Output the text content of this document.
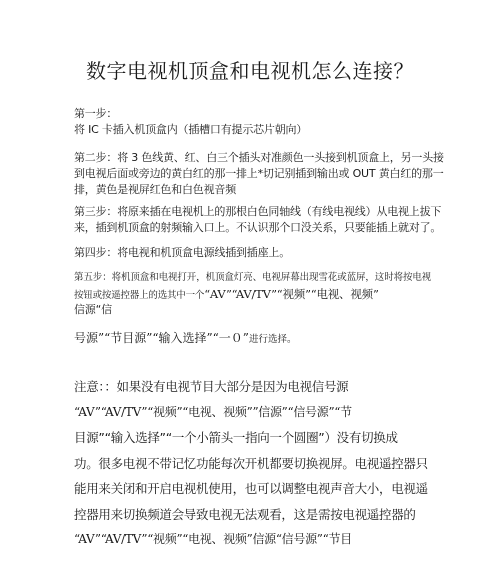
数字电视机顶盒和电视机怎么连接？
第一步：
将 IC 卡插入机顶盒内（插槽口有提示芯片朝向）
第二步：将 3 色线黄、红、白三个插头对准颜色一头接到机顶盒上，另一头接
到电视后面或旁边的黄白红的那一排上*切记别插到输出或 OUT 黄白红的那一
排，黄色是视屏红色和白色视音频
第三步：将原来插在电视机上的那根白色同轴线（有线电视线）从电视上拔下
来，插到机顶盒的射频输入口上。不认识那个口没关系，只要能插上就对了。
第四步：将电视和机顶盒电源线插到插座上。
第五步：将机顶盒和电视打开，机顶盒灯亮、电视屏幕出现雪花或蓝屏，这时将按电视
按钮或按遥控器上的选其中一个“AV”“AV/TV”“视频”“电视、视频”
信源“信
号源”“节目源”“输入选择”“一０”进行选择。
注意：：如果没有电视节目大部分是因为电视信号源
“AV”“AV/TV”“视频”“电视、视频””信源”“信号源”“节
目源”“输入选择”“一个小箭头一指向一个圆圈”）没有切换成
功。很多电视不带记忆功能每次开机都要切换视屏。电视遥控器只
能用来关闭和开启电视机使用，也可以调整电视声音大小，电视遥
控器用来切换频道会导致电视无法观看，这是需按电视遥控器的
“AV”“AV/TV”“视频”“电视、视频”信源“信号源”“节目
